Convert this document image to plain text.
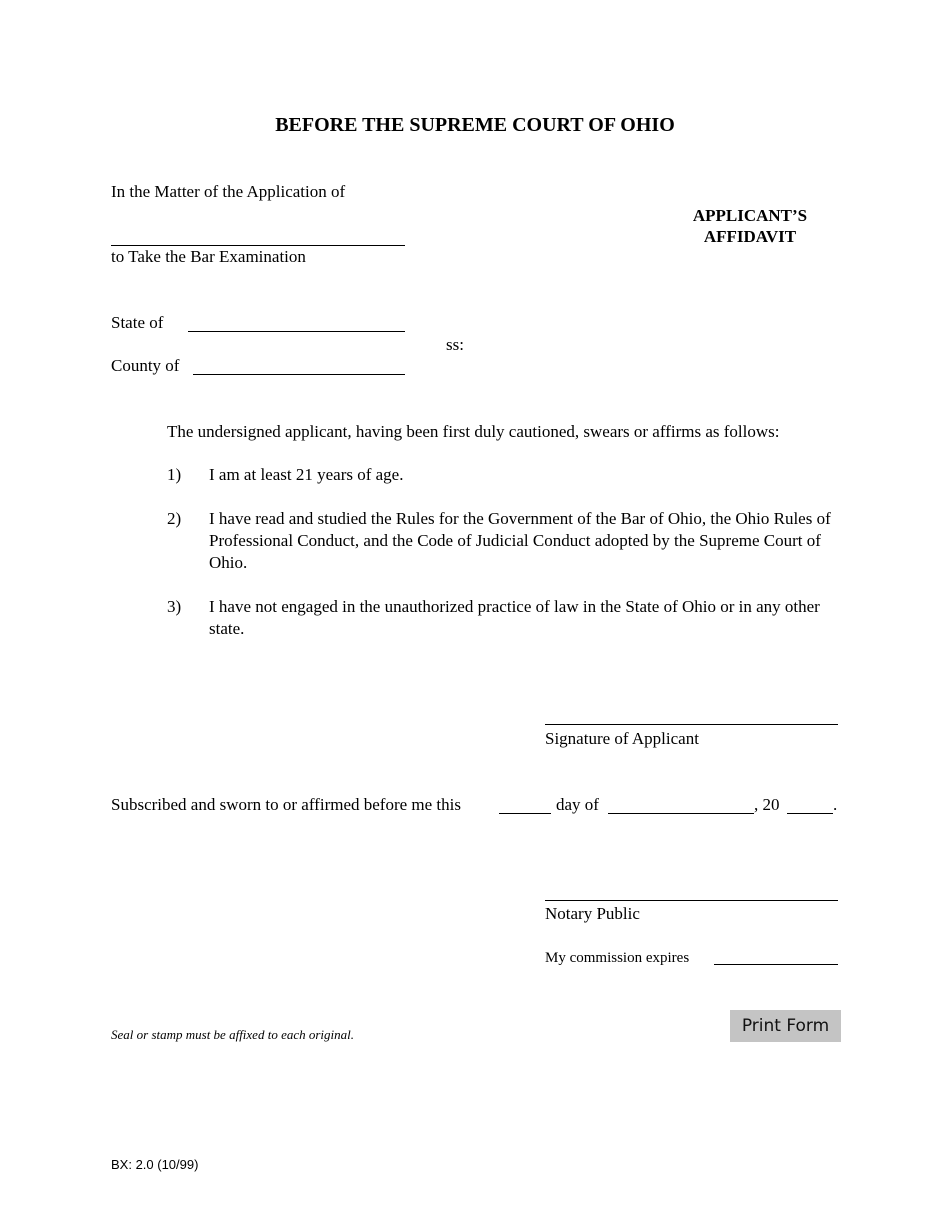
BEFORE THE SUPREME COURT OF OHIO
In the Matter of the Application of
to Take the Bar Examination
APPLICANT’S
AFFIDAVIT
State of
County of
ss:
The undersigned applicant, having been first duly cautioned, swears or affirms as follows:
1) I am at least 21 years of age.
2) I have read and studied the Rules for the Government of the Bar of Ohio, the Ohio Rules of Professional Conduct, and the Code of Judicial Conduct adopted by the Supreme Court of Ohio.
3) I have not engaged in the unauthorized practice of law in the State of Ohio or in any other state.
Signature of Applicant
Subscribed and sworn to or affirmed before me this	day of	, 20	.
Notary Public
My commission expires
Print Form
Seal or stamp must be affixed to each original.
BX: 2.0 (10/99)
